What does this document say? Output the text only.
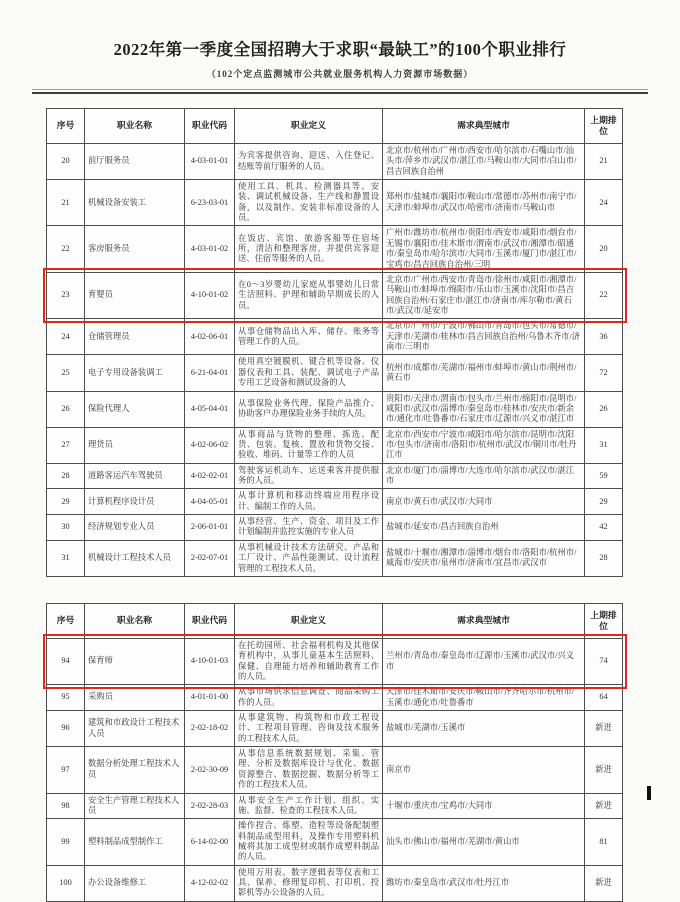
2022年第一季度全国招聘大于求职“最缺工”的100个职业排行
（102个定点监测城市公共就业服务机构人力资源市场数据）
序号	职业名称	职业代码	职业定义	需求典型城市	上期排位
20	前厅服务员	4-03-01-01	为宾客提供咨询、迎送、入住登记、结账等前厅服务的人员。	北京市/杭州市/广州市/西安市/哈尔滨市/石嘴山市/汕头市/萍乡市/武汉市/湛江市/马鞍山市/大同市/白山市/昌吉回族自治州	21
21	机械设备安装工	6-23-03-01	使用工具、机具、检测器具等、安装、调试机械设备、生产线和静置设备，以及制作、安装非标准设备的人员。	郑州市/盐城市/襄阳市/鞍山市/常德市/苏州市/南宁市/天津市/蚌埠市/武汉市/哈密市/济南市/马鞍山市	24
22	客房服务员	4-03-01-02	在饭店、宾馆、旅游客船等住宿场所，清洁和整理客房，并提供宾客迎送、住宿等服务的人员。	广州市/潍坊市/杭州市/贵阳市/西安市/咸阳市/烟台市/无锡市/襄阳市/佳木斯市/渭南市/武汉市/湘潭市/昭通市/秦皇岛市/哈尔滨市/大同市/玉溪市/厦门市/湛江市/宝鸡市/昌吉回族自治州/三明	20
23	育婴员	4-10-01-02	在0～3岁婴幼儿家庭从事婴幼儿日常生活照料、护理和辅助早期成长的人员。	北京市/广州市/西安市/青岛市/徐州市/咸阳市/湘潭市/马鞍山市/蚌埠市/绵阳市/乐山市/玉溪市/沈阳市/昌吉回族自治州/石家庄市/湛江市/济南市/库尔勒市/黄石市/武汉市/延安市	22
24	仓储管理员	4-02-06-01	从事仓储物品出入库、储存、账务等管理工作的人员。	北京市/广州市/宁波市/佛山市/青岛市/包头市/常德市/天津市/芜湖市/桂林市/昌吉回族自治州/乌鲁木齐市/济南市/三明市	36
25	电子专用设备装调工	6-21-04-01	使用真空镀膜机、键合机等设备、仪器仪表和工具、装配、调试电子产品专用工艺设备和测试设备的人	杭州市/成都市/芜湖市/福州市/蚌埠市/黄山市/荆州市/黄石市	72
26	保险代理人	4-05-04-01	从事保险业务代理、保险产品推介、协助客户办理保险业务手续的人员。	贵阳市/天津市/渭南市/包头市/兰州市/绵阳市/昆明市/咸阳市/武汉市/淄博市/秦皇岛市/桂林市/安庆市/新余市/通化市/吐鲁番市/石家庄市/辽源市/兴义市/湛江市	26
27	理货员	4-02-06-02	从事商品与货物的整理、拣选、配货、包装、复核、置放和货物交接、验收、堆码、计量等工作的人员	北京市/西安市/宁波市/咸阳市/哈尔滨市/昆明市/沈阳市/包头市/济南市/洛阳市/杭州市/武汉市/铜川市/牡丹江市	31
28	道路客运汽车驾驶员	4-02-02-01	驾驶客运机动车、运送乘客并提供服务的人员。	北京市/厦门市/淄博市/大连市/哈尔滨市/武汉市/湛江市	59
29	计算机程序设计员	4-04-05-01	从事计算机和移动终端应用程序设计、编制工作的人员。	南京市/黄石市/武汉市/大同市	29
30	经济规划专业人员	2-06-01-01	从事经营、生产、资金、项目及工作计划编制并监控实施的专业人员	盐城市/延安市/昌吉回族自治州	42
31	机械设计工程技术人员	2-02-07-01	从事机械设计技术方法研究、产品和工厂设计、产品性能测试、设计流程管理的工程技术人员。	盐城市/十堰市/湘潭市/淄博市/烟台市/洛阳市/杭州市/威海市/安庆市/泉州市/济南市/宜昌市/武汉市	28
序号	职业名称	职业代码	职业定义	需求典型城市	上期排位
94	保育师	4-10-01-03	在托幼园所、社会福利机构及其他保育机构中，从事儿童基本生活照料、保健、自理能力培养和辅助教育工作的人员。	兰州市/青岛市/秦皇岛市/辽源市/玉溪市/武汉市/兴义市	74
95	采购员	4-01-01-00	从事市场供求信息调查、商品采购工作的人员。	天津市/佳木斯市/安庆市/鞍山市/齐齐哈尔市/杭州市/玉溪市/通化市/吐鲁番市	64
96	建筑和市政设计工程技术人员	2-02-18-02	从事建筑物、构筑物和市政工程设计、工程项目管理、咨询及技术服务的工程技术人员。	盐城市/芜湖市/玉溪市	新进
97	数据分析处理工程技术人员	2-02-30-09	从事信息系统数据规划、采集、管理、分析及数据库设计与优化、数据资源整合、数据挖掘、数据分析等工作的工程技术人员。	南京市	新进
98	安全生产管理工程技术人员	2-02-28-03	从事安全生产工作计划、组织、实施、监督、检查的工程技术人员。	十堰市/重庆市/宝鸡市/大同市	新进
99	塑料制品成型制作工	6-14-02-00	操作捏合、炼塑、造粒等设备配制塑料制品成型用料，及操作专用塑料机械将其加工成型材或制作成塑料制品的人员。	汕头市/佛山市/福州市/芜湖市/黄山市	81
100	办公设备维修工	4-12-02-02	使用万用表、数字逻辑表等仪表和工具、保养、修理复印机、打印机、投影机等办公设备的人员。	潍坊市/秦皇岛市/武汉市/牡丹江市	新进
